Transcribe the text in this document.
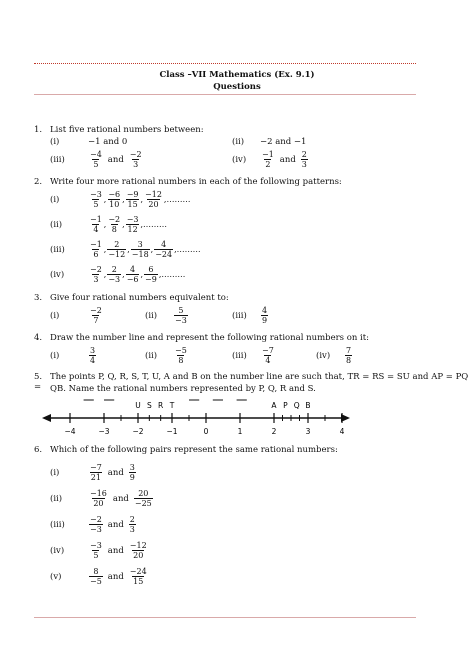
Class –VII Mathematics (Ex. 9.1)
Questions
1. List five rational numbers between:
(i)	−1 and 0	(ii)	−2 and −1
(iii)	$\frac{-4}{5}$ and $\frac{-2}{3}$	(iv)	$\frac{-1}{2}$ and $\frac{2}{3}$
2. Write four more rational numbers in each of the following patterns:
(i)	$\frac{-3}{5}$ , $\frac{-6}{10}$ , $\frac{-9}{15}$ , $\frac{-12}{20}$ ,………
(ii)	$\frac{-1}{4}$ , $\frac{-2}{8}$ , $\frac{-3}{12}$ ,………
(iii)	$\frac{-1}{6}$ , $\frac{2}{-12}$ , $\frac{3}{-18}$ , $\frac{4}{-24}$ ,………
(iv)	$\frac{-2}{3}$ , $\frac{2}{-3}$ , $\frac{4}{-6}$ , $\frac{6}{-9}$ ,………
3. Give four rational numbers equivalent to:
(i)	$\frac{-2}{7}$	(ii)	$\frac{5}{-3}$	(iii)	$\frac{4}{9}$
4. Draw the number line and represent the following rational numbers on it:
(i)	$\frac{3}{4}$	(ii)	$\frac{-5}{8}$	(iii)	$\frac{-7}{4}$	(iv)	$\frac{7}{8}$
5. The points P, Q, R, S, T, U, A and B on the number line are such that, TR = RS = SU and AP = PQ =	QB. Name the rational numbers represented by P, Q, R and S.
−4	−3	−2	−1	0	1	2	3	4
U S R T	A P Q B
6. Which of the following pairs represent the same rational numbers:
(i)	$\frac{-7}{21}$ and $\frac{3}{9}$
(ii)	$\frac{-16}{20}$ and $\frac{20}{-25}$
(iii)	$\frac{-2}{-3}$ and $\frac{2}{3}$
(iv)	$\frac{-3}{5}$ and $\frac{-12}{20}$
(v)	$\frac{8}{-5}$ and $\frac{-24}{15}$
